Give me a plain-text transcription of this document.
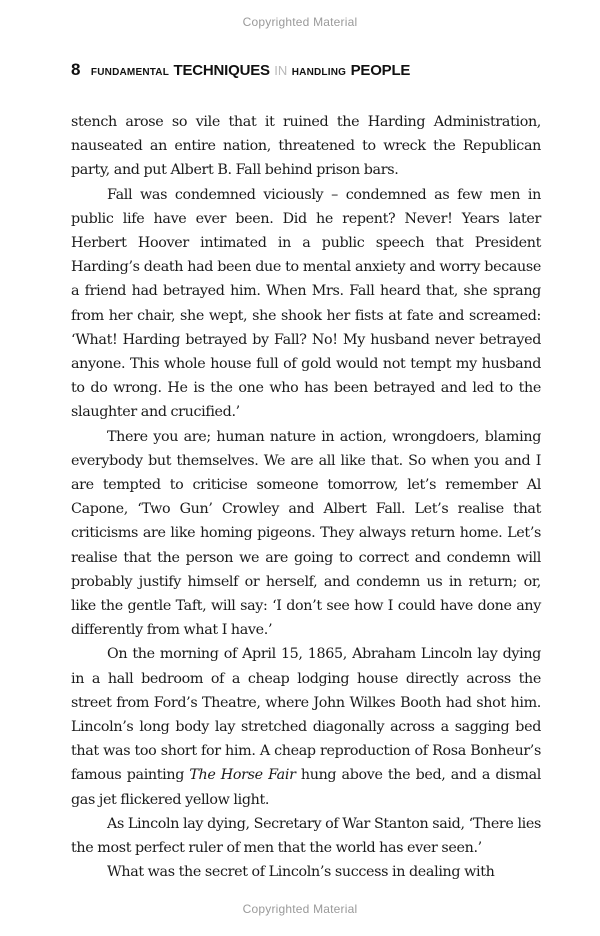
Copyrighted Material
8 FUNDAMENTAL TECHNIQUES IN HANDLING PEOPLE

stench arose so vile that it ruined the Harding Administration, nauseated an entire nation, threatened to wreck the Republican party, and put Albert B. Fall behind prison bars.

Fall was condemned viciously – condemned as few men in public life have ever been. Did he repent? Never! Years later Herbert Hoover intimated in a public speech that President Harding’s death had been due to mental anxiety and worry because a friend had betrayed him. When Mrs. Fall heard that, she sprang from her chair, she wept, she shook her fists at fate and screamed: ‘What! Harding betrayed by Fall? No! My husband never betrayed anyone. This whole house full of gold would not tempt my husband to do wrong. He is the one who has been betrayed and led to the slaughter and crucified.’

There you are; human nature in action, wrongdoers, blaming everybody but themselves. We are all like that. So when you and I are tempted to criticise someone tomorrow, let’s remember Al Capone, ‘Two Gun’ Crowley and Albert Fall. Let’s realise that criticisms are like homing pigeons. They always return home. Let’s realise that the person we are going to correct and condemn will probably justify himself or herself, and condemn us in return; or, like the gentle Taft, will say: ‘I don’t see how I could have done any differently from what I have.’

On the morning of April 15, 1865, Abraham Lincoln lay dying in a hall bedroom of a cheap lodging house directly across the street from Ford’s Theatre, where John Wilkes Booth had shot him. Lincoln’s long body lay stretched diagonally across a sagging bed that was too short for him. A cheap reproduction of Rosa Bonheur’s famous painting The Horse Fair hung above the bed, and a dismal gas jet flickered yellow light.

As Lincoln lay dying, Secretary of War Stanton said, ‘There lies the most perfect ruler of men that the world has ever seen.’

What was the secret of Lincoln’s success in dealing with

Copyrighted Material
